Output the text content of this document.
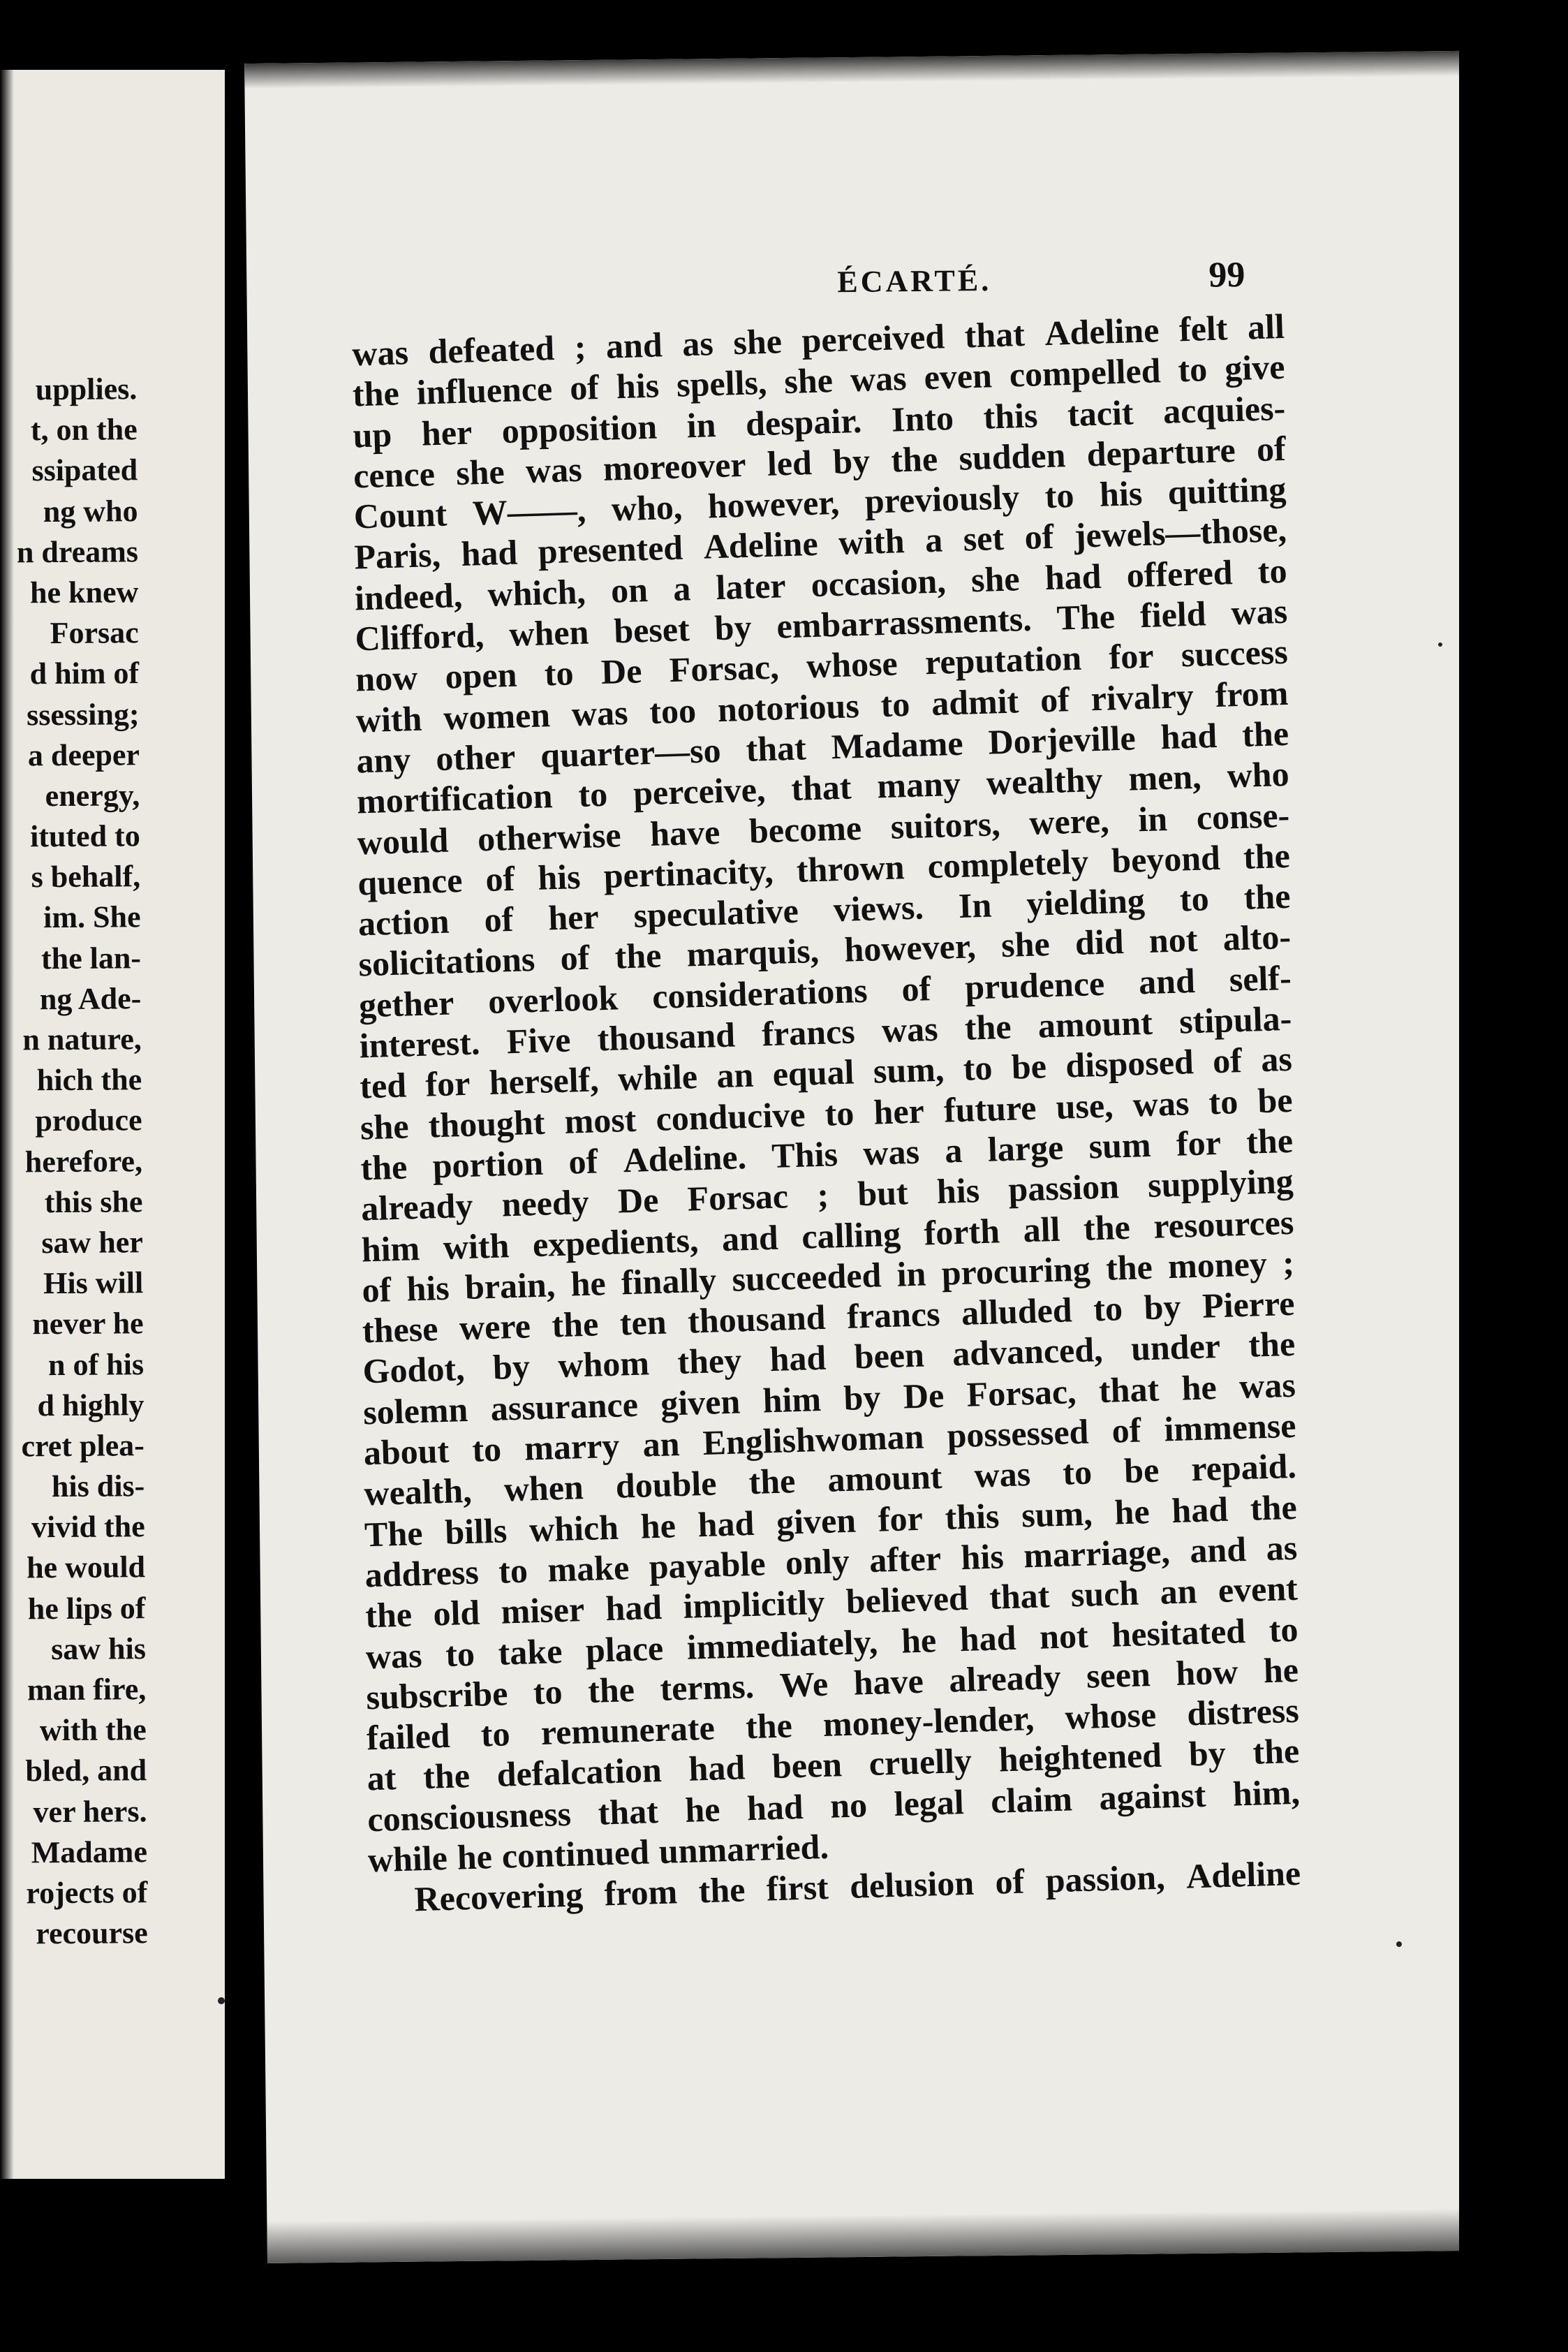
upplies.
t, on the
ssipated
ng who
n dreams
he knew
Forsac
d him of
ssessing;
a deeper
energy,
ituted to
s behalf,
im. She
the lan-
ng Ade-
n nature,
hich the
produce
herefore,
this she
saw her
His will
never he
n of his
d highly
cret plea-
his dis-
vivid the
he would
he lips of
saw his
man fire,
with the
bled, and
ver hers.
Madame
rojects of
recourse
ÉCARTÉ.	99
was defeated ; and as she perceived that Adeline felt all
the influence of his spells, she was even compelled to give
up her opposition in despair. Into this tacit acquies-
cence she was moreover led by the sudden departure of
Count W——, who, however, previously to his quitting
Paris, had presented Adeline with a set of jewels—those,
indeed, which, on a later occasion, she had offered to
Clifford, when beset by embarrassments. The field was
now open to De Forsac, whose reputation for success
with women was too notorious to admit of rivalry from
any other quarter—so that Madame Dorjeville had the
mortification to perceive, that many wealthy men, who
would otherwise have become suitors, were, in conse-
quence of his pertinacity, thrown completely beyond the
action of her speculative views. In yielding to the
solicitations of the marquis, however, she did not alto-
gether overlook considerations of prudence and self-
interest. Five thousand francs was the amount stipula-
ted for herself, while an equal sum, to be disposed of as
she thought most conducive to her future use, was to be
the portion of Adeline. This was a large sum for the
already needy De Forsac ; but his passion supplying
him with expedients, and calling forth all the resources
of his brain, he finally succeeded in procuring the money ;
these were the ten thousand francs alluded to by Pierre
Godot, by whom they had been advanced, under the
solemn assurance given him by De Forsac, that he was
about to marry an Englishwoman possessed of immense
wealth, when double the amount was to be repaid.
The bills which he had given for this sum, he had the
address to make payable only after his marriage, and as
the old miser had implicitly believed that such an event
was to take place immediately, he had not hesitated to
subscribe to the terms. We have already seen how he
failed to remunerate the money-lender, whose distress
at the defalcation had been cruelly heightened by the
consciousness that he had no legal claim against him,
while he continued unmarried.
Recovering from the first delusion of passion, Adeline
